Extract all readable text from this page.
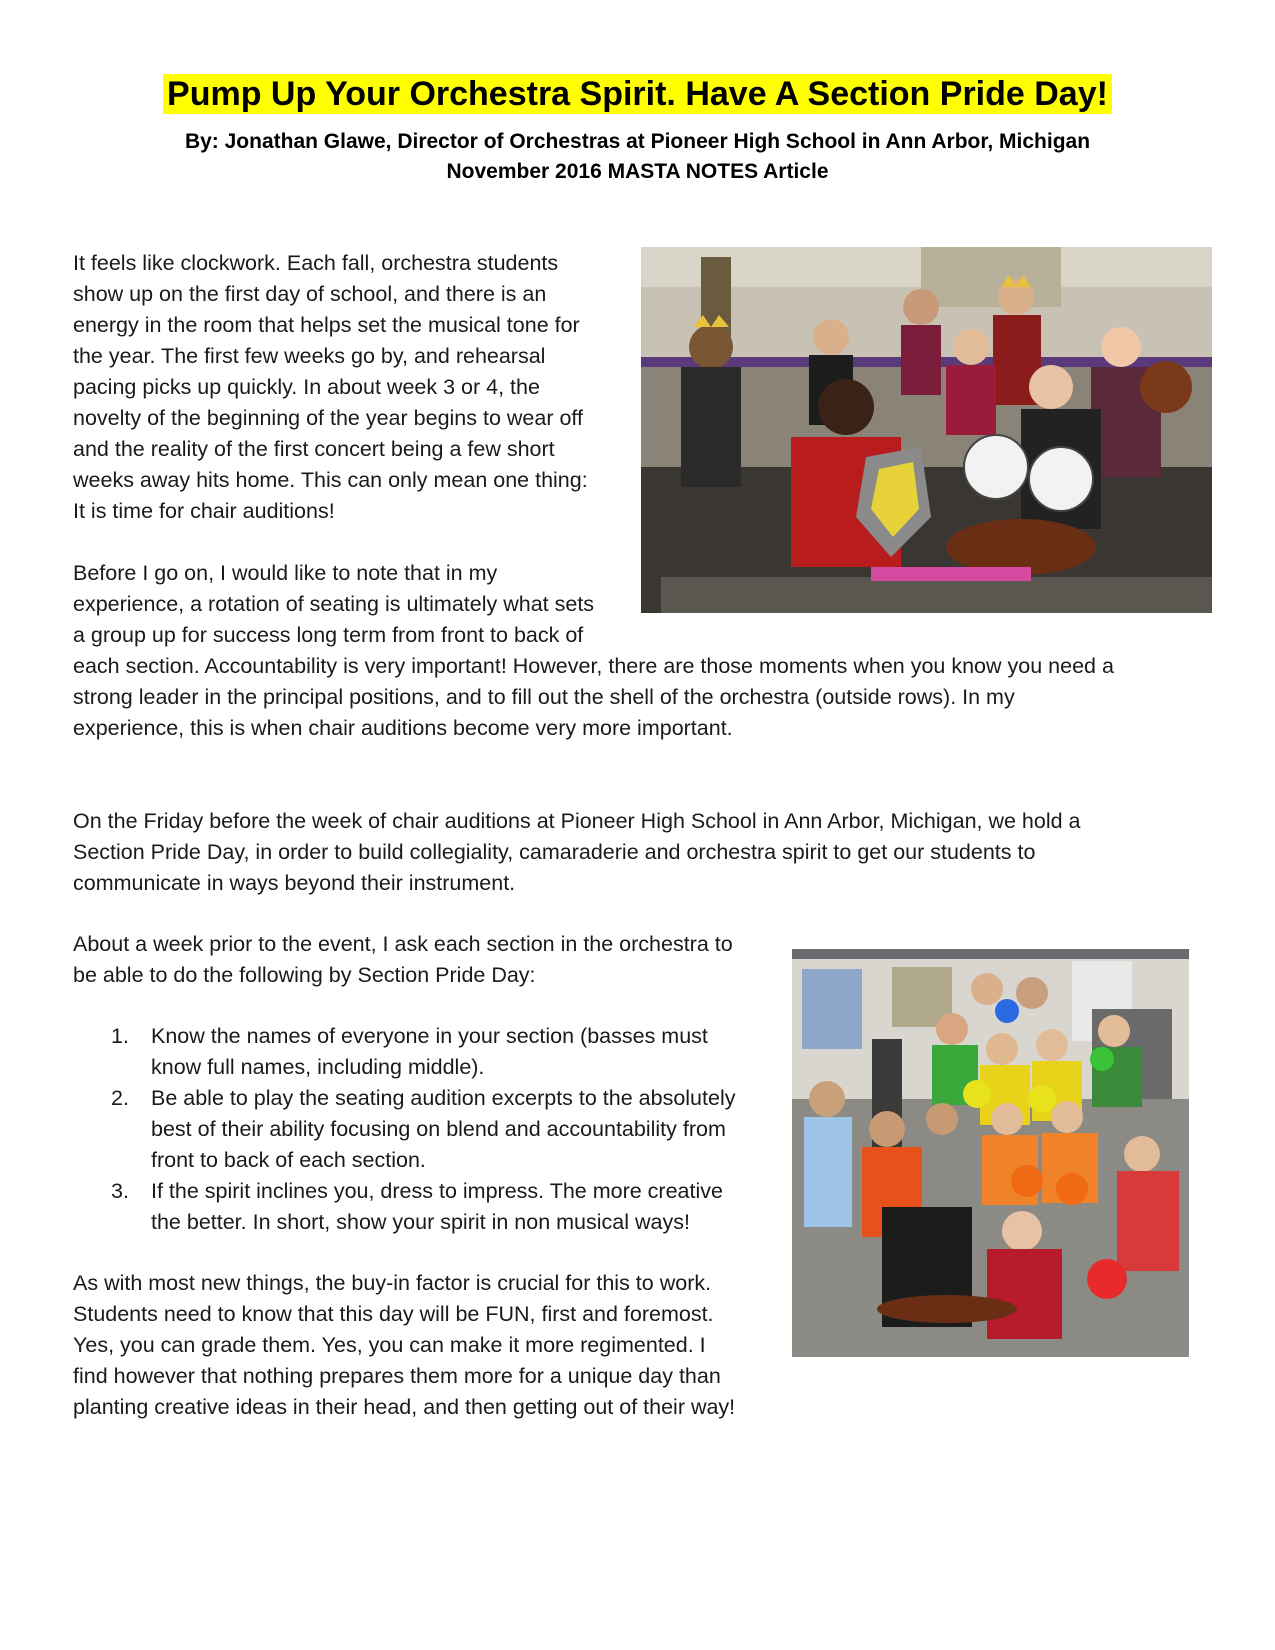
Pump Up Your Orchestra Spirit. Have A Section Pride Day!
By: Jonathan Glawe, Director of Orchestras at Pioneer High School in Ann Arbor, Michigan
November 2016 MASTA NOTES Article
It feels like clockwork. Each fall, orchestra students
show up on the first day of school, and there is an
energy in the room that helps set the musical tone for
the year. The first few weeks go by, and rehearsal
pacing picks up quickly. In about week 3 or 4, the
novelty of the beginning of the year begins to wear off
and the reality of the first concert being a few short
weeks away hits home. This can only mean one thing:
It is time for chair auditions!
Before I go on, I would like to note that in my
experience, a rotation of seating is ultimately what sets
a group up for success long term from front to back of
each section. Accountability is very important! However, there are those moments when you know you need a
strong leader in the principal positions, and to fill out the shell of the orchestra (outside rows). In my
experience, this is when chair auditions become very more important.
On the Friday before the week of chair auditions at Pioneer High School in Ann Arbor, Michigan, we hold a
Section Pride Day, in order to build collegiality, camaraderie and orchestra spirit to get our students to
communicate in ways beyond their instrument.
About a week prior to the event, I ask each section in the orchestra to
be able to do the following by Section Pride Day:
1. Know the names of everyone in your section (basses must
know full names, including middle).
2. Be able to play the seating audition excerpts to the absolutely
best of their ability focusing on blend and accountability from
front to back of each section.
3. If the spirit inclines you, dress to impress. The more creative
the better. In short, show your spirit in non musical ways!
As with most new things, the buy-in factor is crucial for this to work.
Students need to know that this day will be FUN, first and foremost.
Yes, you can grade them. Yes, you can make it more regimented. I
find however that nothing prepares them more for a unique day than
planting creative ideas in their head, and then getting out of their way!
